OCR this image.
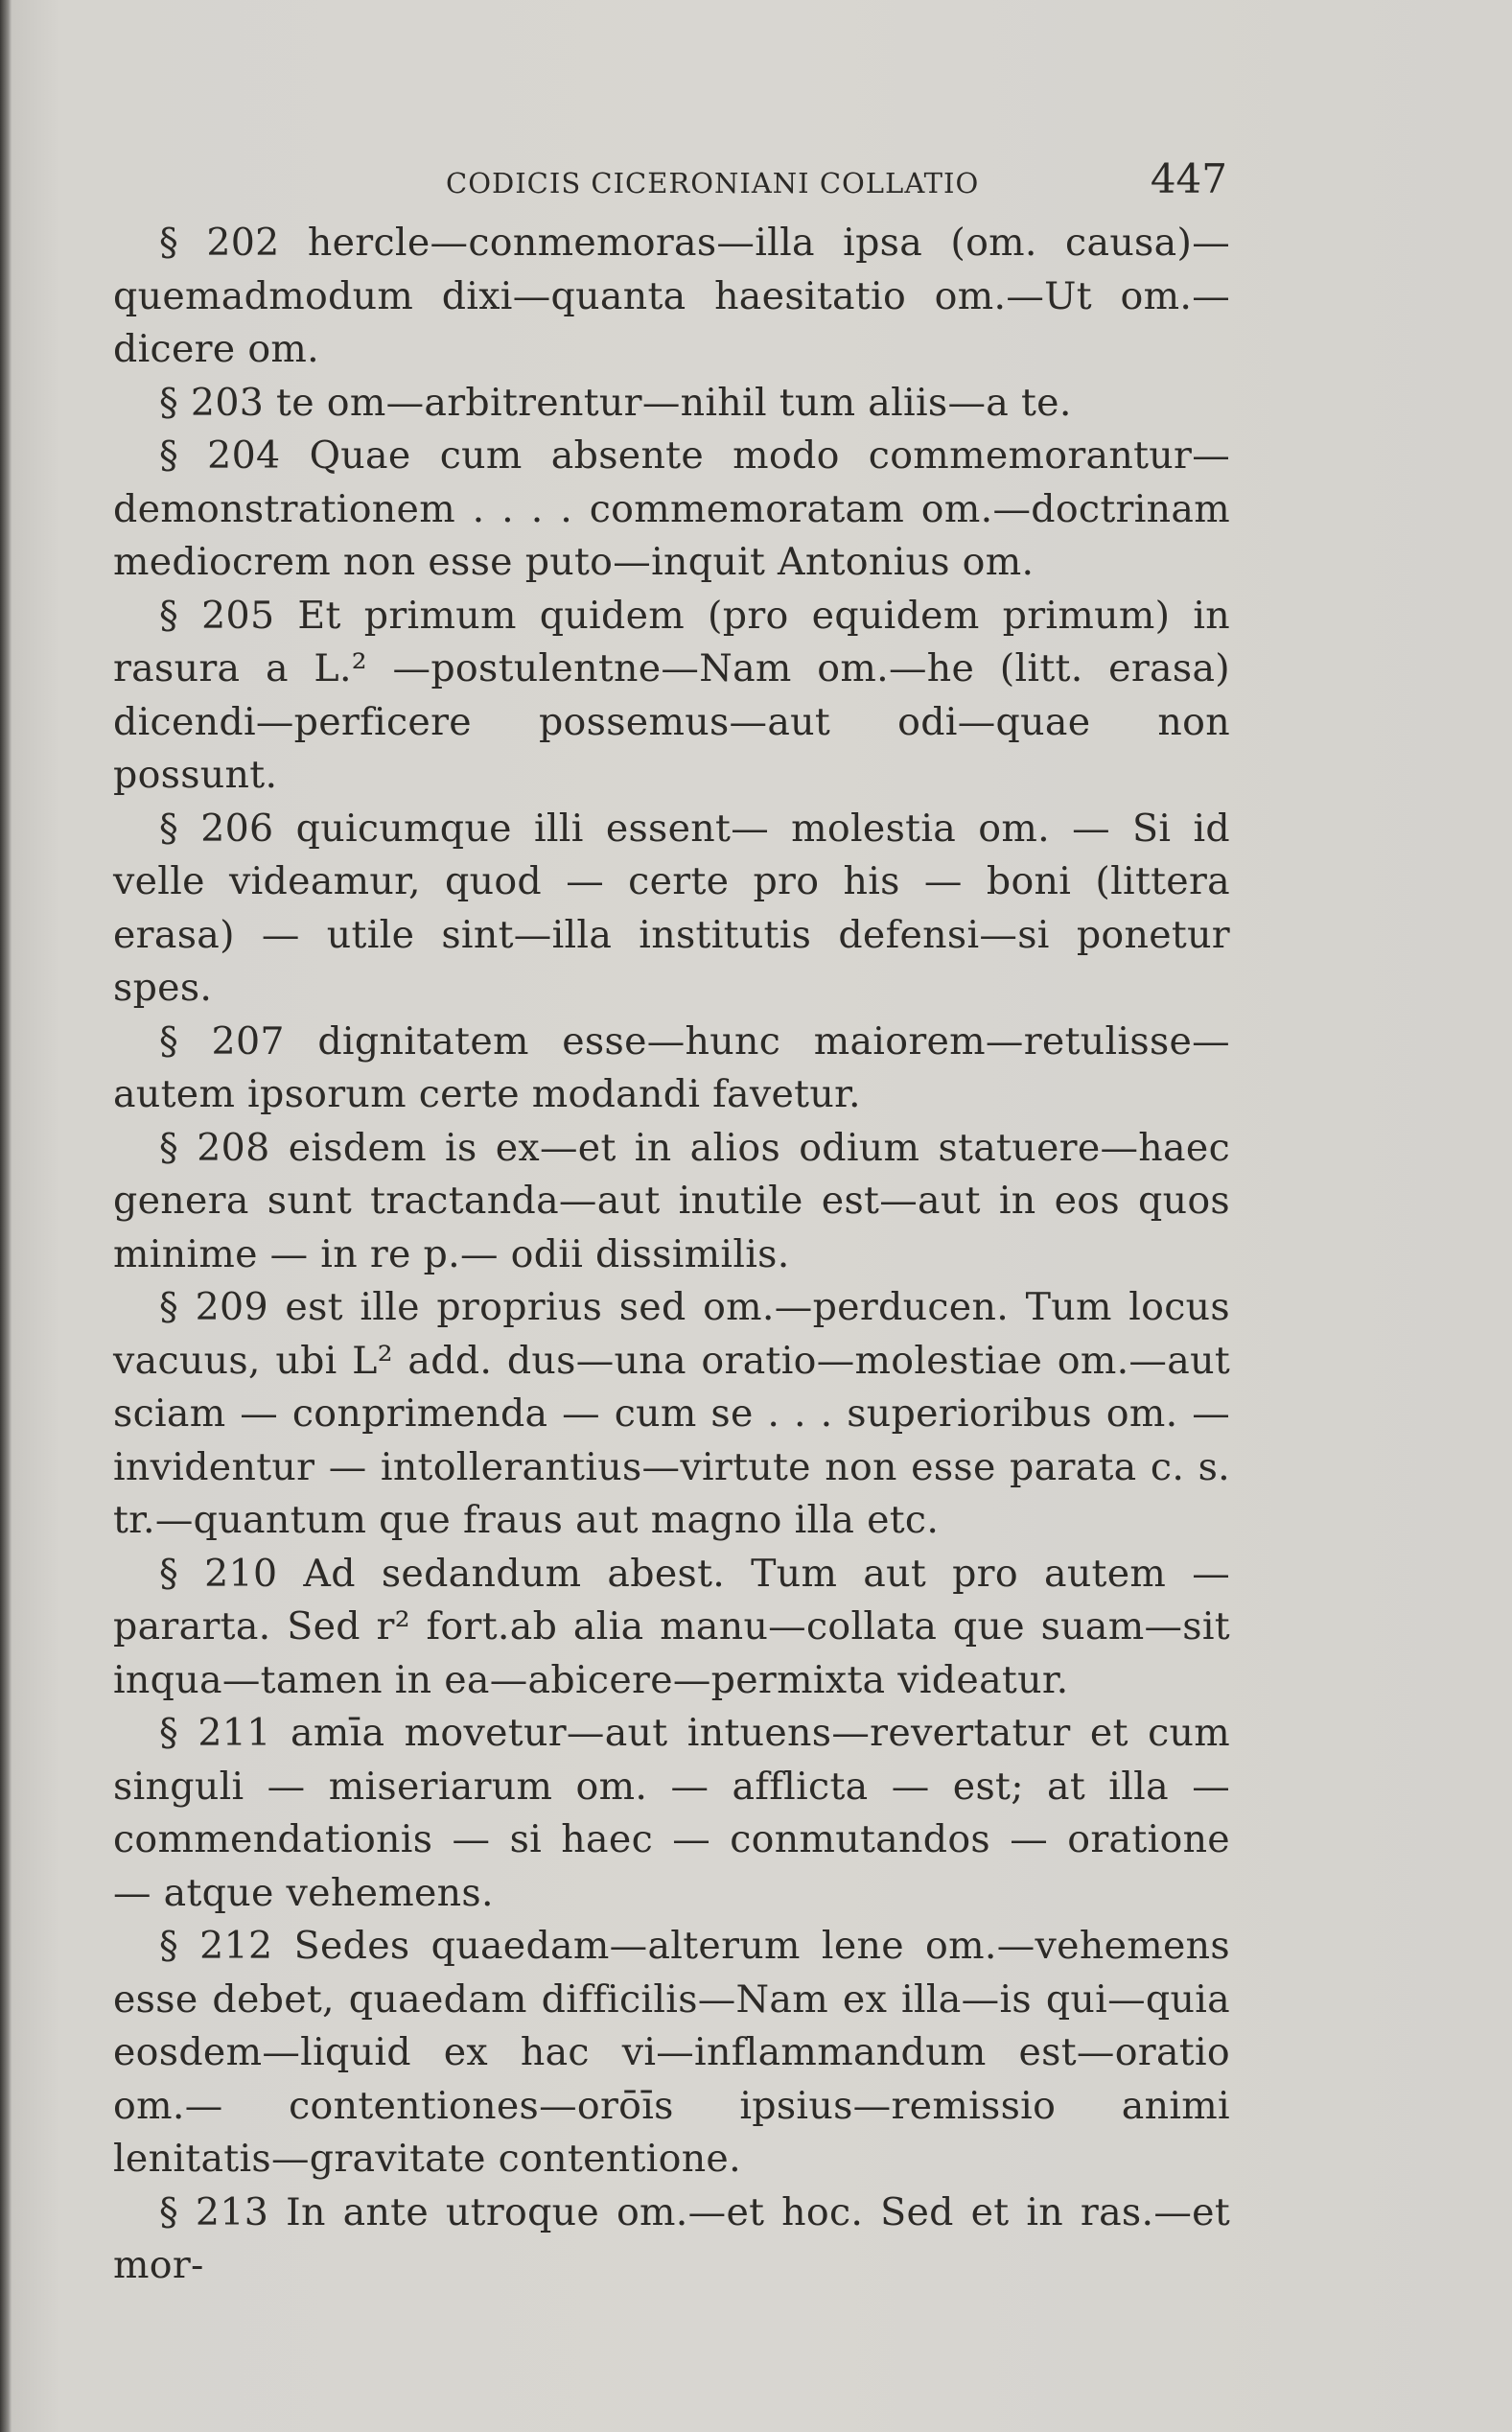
CODICIS CICERONIANI COLLATIO	447

§ 202 hercle—conmemoras—illa ipsa (om. causa)—quemadmodum dixi—quanta haesitatio om.—Ut om.—dicere om.

§ 203 te om—arbitrentur—nihil tum aliis—a te.

§ 204 Quae cum absente modo commemorantur—demonstrationem . . . . commemoratam om.—doctrinam mediocrem non esse puto—inquit Antonius om.

§ 205 Et primum quidem (pro equidem primum) in rasura a L.² —postulentne—Nam om.—he (litt. erasa) dicendi—perficere possemus—aut odi—quae non possunt.

§ 206 quicumque illi essent— molestia om. — Si id velle videamur, quod — certe pro his — boni (littera erasa) — utile sint—illa institutis defensi—si ponetur spes.

§ 207 dignitatem esse—hunc maiorem—retulisse—autem ipsorum certe modandi favetur.

§ 208 eisdem is ex—et in alios odium statuere—haec genera sunt tractanda—aut inutile est—aut in eos quos minime — in re p.— odii dissimilis.

§ 209 est ille proprius sed om.—perducen. Tum locus vacuus, ubi L² add. dus—una oratio—molestiae om.—aut sciam — conprimenda — cum se . . . superioribus om. — invidentur — intollerantius—virtute non esse parata c. s. tr.—quantum que fraus aut magno illa etc.

§ 210 Ad sedandum abest. Tum aut pro autem — pararta. Sed r² fort.ab alia manu—collata que suam—sit inqua—tamen in ea—abicere—permixta videatur.

§ 211 amīa movetur—aut intuens—revertatur et cum singuli — miseriarum om. — afflicta — est; at illa — commendationis — si haec — conmutandos — oratione — atque vehemens.

§ 212 Sedes quaedam—alterum lene om.—vehemens esse debet, quaedam difficilis—Nam ex illa—is qui—quia eosdem—liquid ex hac vi—inflammandum est—oratio om.— contentiones—orōīs ipsius—remissio animi lenitatis—gravitate contentione.

§ 213 In ante utroque om.—et hoc. Sed et in ras.—et mor-
